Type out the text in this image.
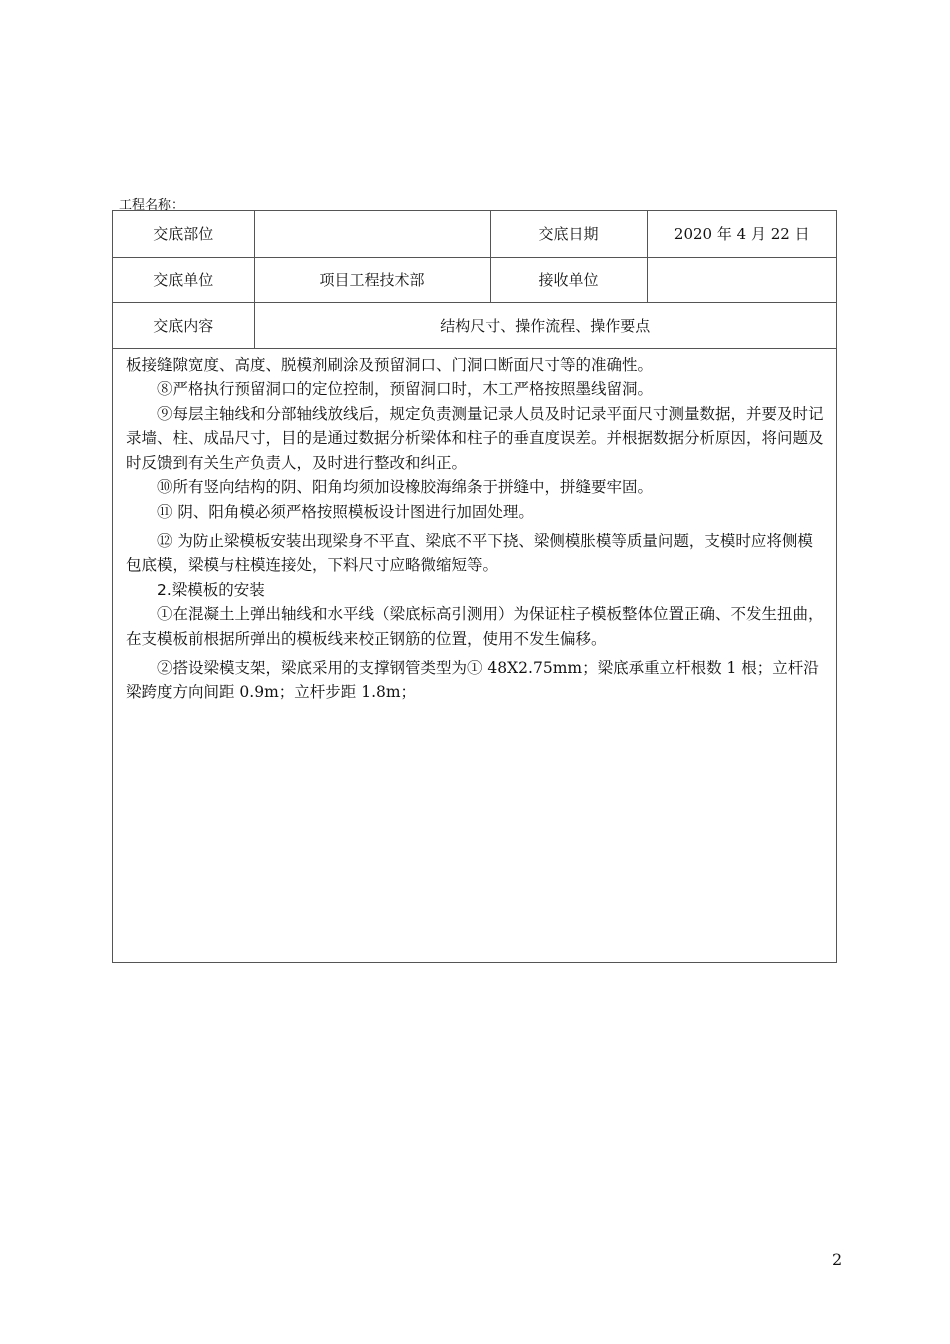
工程名称：
交底部位		交底日期	2020 年 4 月 22 日
交底单位	项目工程技术部	接收单位	
交底内容	结构尺寸、操作流程、操作要点		

板接缝隙宽度、高度、脱模剂刷涂及预留洞口、门洞口断面尺寸等的准确性。

⑧严格执行预留洞口的定位控制，预留洞口时，木工严格按照墨线留洞。

⑨每层主轴线和分部轴线放线后，规定负责测量记录人员及时记录平面尺寸测量数据，并要及时记录墙、柱、成品尺寸，目的是通过数据分析梁体和柱子的垂直度误差。并根据数据分析原因，将问题及时反馈到有关生产负责人，及时进行整改和纠正。

⑩所有竖向结构的阴、阳角均须加设橡胶海绵条于拼缝中，拼缝要牢固。

⑪ 阴、阳角模必须严格按照模板设计图进行加固处理。

⑫ 为防止梁模板安装出现梁身不平直、梁底不平下挠、梁侧模胀模等质量问题，支模时应将侧模包底模，梁模与柱模连接处，下料尺寸应略微缩短等。

2.梁模板的安装

①在混凝土上弹出轴线和水平线（梁底标高引测用）为保证柱子模板整体位置正确、不发生扭曲，在支模板前根据所弹出的模板线来校正钢筋的位置，使用不发生偏移。

②搭设梁模支架，梁底采用的支撑钢管类型为① 48X2.75mm；梁底承重立杆根数 1 根；立杆沿梁跨度方向间距 0.9m；立杆步距 1.8m；

2
